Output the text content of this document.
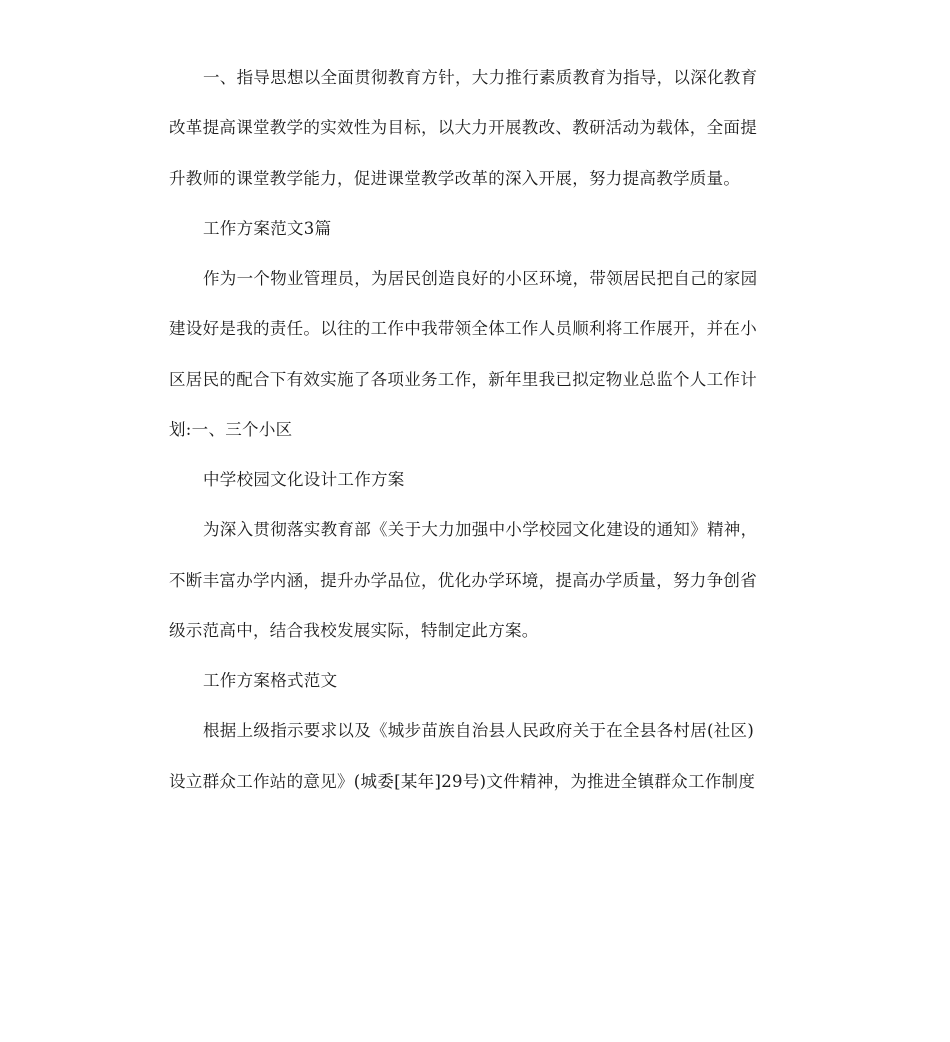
一、指导思想以全面贯彻教育方针，大力推行素质教育为指导，以深化教育
改革提高课堂教学的实效性为目标，以大力开展教改、教研活动为载体，全面提
升教师的课堂教学能力，促进课堂教学改革的深入开展，努力提高教学质量。
工作方案范文3篇
作为一个物业管理员，为居民创造良好的小区环境，带领居民把自己的家园
建设好是我的责任。以往的工作中我带领全体工作人员顺利将工作展开，并在小
区居民的配合下有效实施了各项业务工作，新年里我已拟定物业总监个人工作计
划:一、三个小区
中学校园文化设计工作方案
为深入贯彻落实教育部《关于大力加强中小学校园文化建设的通知》精神，
不断丰富办学内涵，提升办学品位，优化办学环境，提高办学质量，努力争创省
级示范高中，结合我校发展实际，特制定此方案。
工作方案格式范文
根据上级指示要求以及《城步苗族自治县人民政府关于在全县各村居(社区)
设立群众工作站的意见》(城委[某年]29号)文件精神，为推进全镇群众工作制度
